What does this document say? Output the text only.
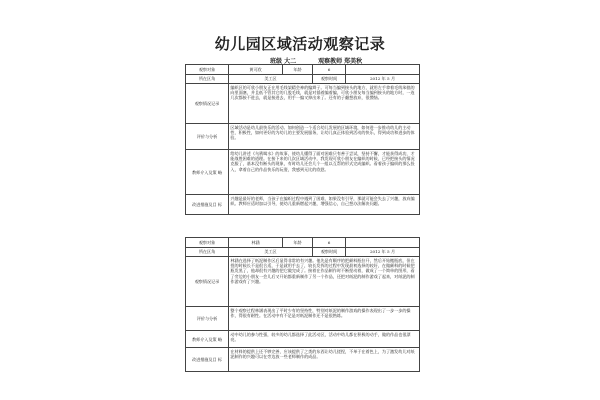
幼儿园区域活动观察记录
班级 大二	观察教师 郑美秋
观察对象	黄可欣	年龄	6	
所在区角	美工区		观察时间	2012 年 5 月
观察情况记录	编织区的可欣小朋友正在用毛线架精会神的编辫子。可每当编到接头的地方，就用左手拿着毛线笨拙的向里面塞，并且低不管其它的几股毛线，就是对插着编着编，可欣小朋友每当编到接头的地方时，一连几次都接不进去，就是接进去，用手一编又掉出来了。还有的子翻想放弃，很懊恼。			
评价与分析	区域活动是幼儿最快乐的活动。如何创造一个适合幼儿发展的区域环境，如何进一步推动幼儿的主动性、积极性，如何更好的为幼儿的主要发展服务，让幼儿真正体验到活动的快乐，得到成功和进步的体验。			
教师介入及策 略	给幼儿讲述《乌鸦喝水》的故事，使幼儿懂得了面对困难只有善于尝试，坚持不懈，才能获得成功，才能战胜困难的道理。在接下来的几次区域活动中，我发现可欣小朋友在编织的时候，已经把接头的情况克服了，基本没有断头的现象，有时幼儿还会几个一组以互帮的形式完成编织。看着孩子编织的那么投入，拿着自己的作品快乐的玩耍，我感到无比的欣慰。			
改进措施及目 标	兴趣是最好的老师，当孩子在编织过程中遇到了困难，如果没有引导，那就可能会失去了兴趣，放弃编织。教师应适时加以引导，使幼儿重新燃起兴趣，增强信心，自己想办法解决问题。			
观察对象	林涵	年龄	6	
所在区角	美工区		观察时间	2012 年 5 月
观察情况记录	林涵在选择了纸泥制作区后显得非常的有兴趣。他先是有顺序的把颜料瓶拉开，然后开始搬瓶底，但在捏的时候长不是很合适，于是就用手去了，较长发挥的过程中发现最初选择的较好，在做颜料的时候把瓶发黑了，他却很有兴趣的把它做完成了。接着在作品制作时不断捏动着，做成了一个简单的图形，看了旁边的小朋友一会儿后又开始都重新制作了另一个作品，还把对纸泥的制作游戏了起来，对纸泥的制作游戏有了兴趣。			
评价与分析	整个观察过程林涵表现出了平时少有的坚持性，特别对纸泥的制作游戏的操作表现出了一步一步的操作，得很有耐性。在活动中有不足是对纸泥制作还不是很熟练。			
教师介入及策 略	动中幼儿的参与性强，较多的幼儿都选择了此活动区，活动中幼儿都在积极的动手，做的作品也很漂亮。			
改进措施及目 标	在材料的提供上还不够完善，应该提供了之类的东西让幼儿搓捏，不单于在着色上，为了激发幼儿对纸泥制作的兴趣可以在旁边放一些老师制作的成品。			
